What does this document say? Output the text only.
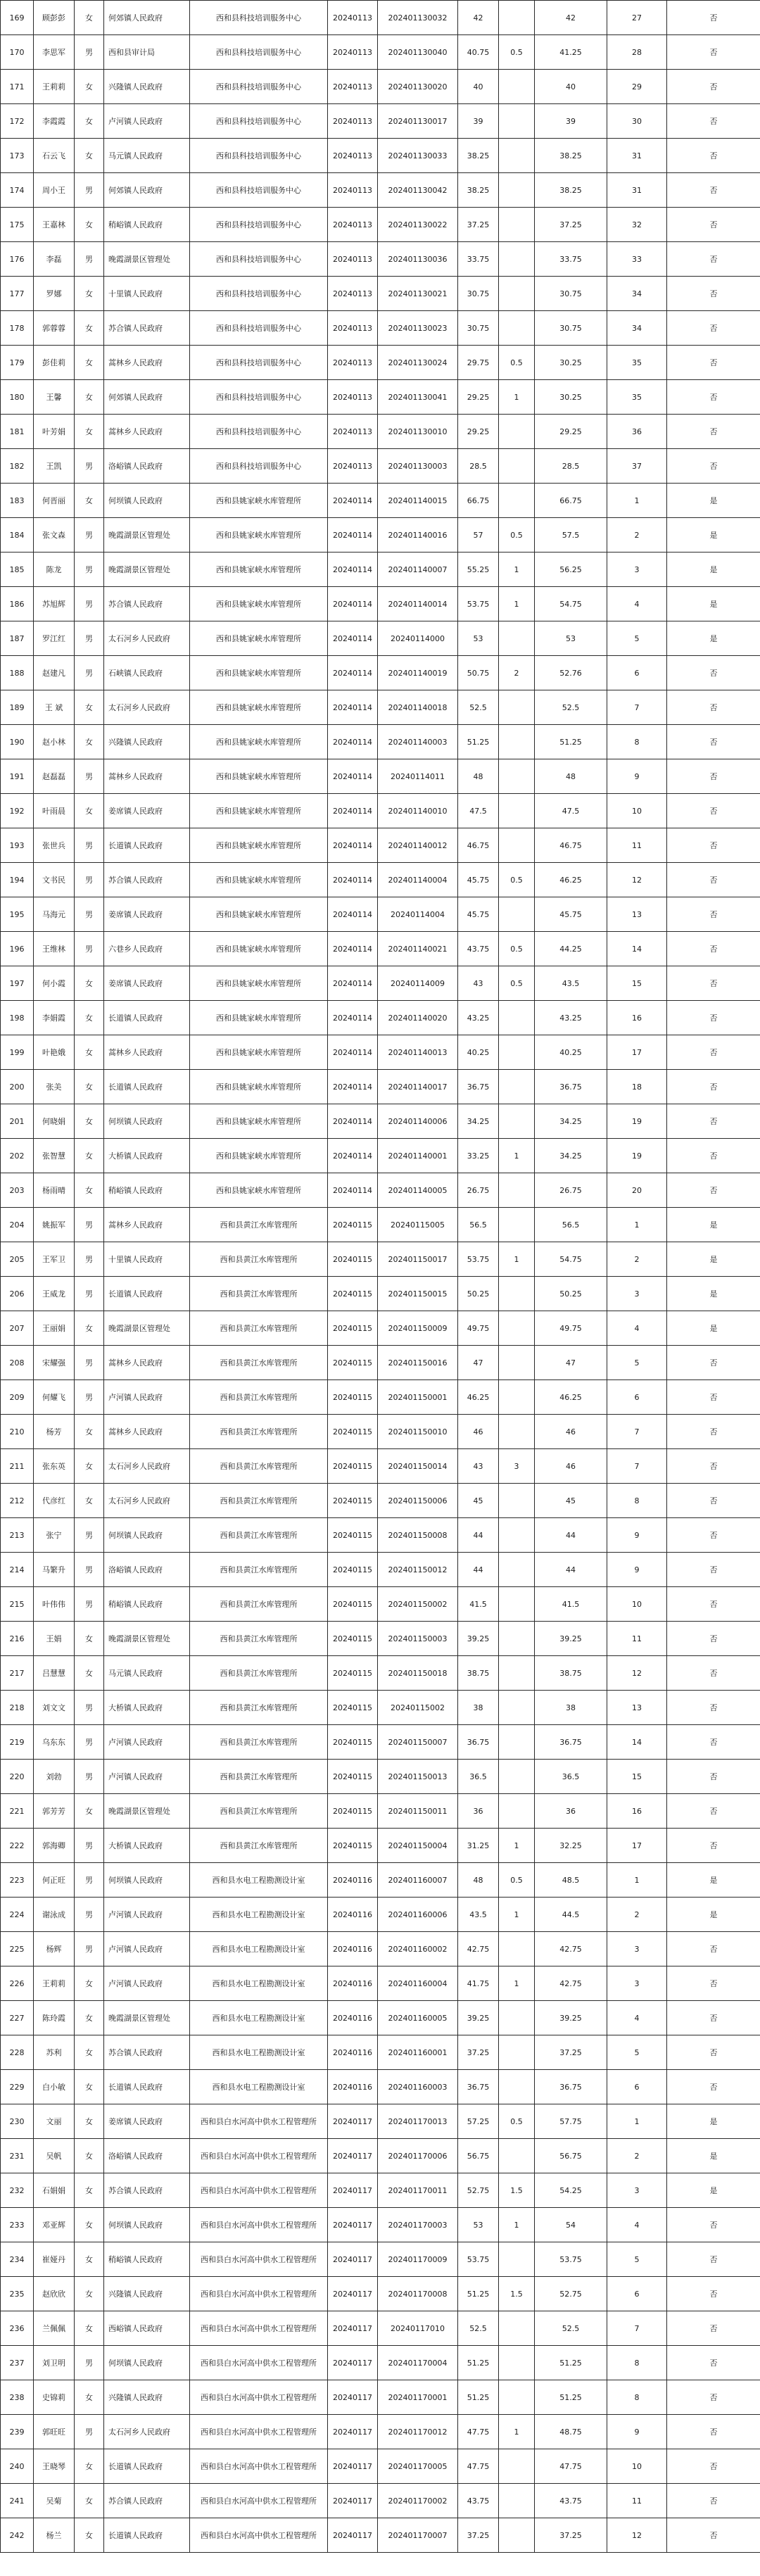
169	顾彭彭	女	何郊镇人民政府	西和县科技培训服务中心	20240113	202401130032	42		42	27	否
170	李思军	男	西和县审计局	西和县科技培训服务中心	20240113	202401130040	40.75	0.5	41.25	28	否
171	王莉莉	女	兴隆镇人民政府	西和县科技培训服务中心	20240113	202401130020	40		40	29	否
172	李霞霞	女	卢河镇人民政府	西和县科技培训服务中心	20240113	202401130017	39		39	30	否
173	石云飞	女	马元镇人民政府	西和县科技培训服务中心	20240113	202401130033	38.25		38.25	31	否
174	周小王	男	何郊镇人民政府	西和县科技培训服务中心	20240113	202401130042	38.25		38.25	31	否
175	王嘉林	女	稍峪镇人民政府	西和县科技培训服务中心	20240113	202401130022	37.25		37.25	32	否
176	李磊	男	晚霞湖景区管理处	西和县科技培训服务中心	20240113	202401130036	33.75		33.75	33	否
177	罗娜	女	十里镇人民政府	西和县科技培训服务中心	20240113	202401130021	30.75		30.75	34	否
178	郭蓉蓉	女	苏合镇人民政府	西和县科技培训服务中心	20240113	202401130023	30.75		30.75	34	否
179	彭佳莉	女	蒿林乡人民政府	西和县科技培训服务中心	20240113	202401130024	29.75	0.5	30.25	35	否
180	王馨	女	何郊镇人民政府	西和县科技培训服务中心	20240113	202401130041	29.25	1	30.25	35	否
181	叶芳娟	女	蒿林乡人民政府	西和县科技培训服务中心	20240113	202401130010	29.25		29.25	36	否
182	王凯	男	洛峪镇人民政府	西和县科技培训服务中心	20240113	202401130003	28.5		28.5	37	否
183	何晋丽	女	何坝镇人民政府	西和县姚家峡水库管理所	20240114	202401140015	66.75		66.75	1	是
184	张文森	男	晚霞湖景区管理处	西和县姚家峡水库管理所	20240114	202401140016	57	0.5	57.5	2	是
185	陈龙	男	晚霞湖景区管理处	西和县姚家峡水库管理所	20240114	202401140007	55.25	1	56.25	3	是
186	苏旭辉	男	苏合镇人民政府	西和县姚家峡水库管理所	20240114	202401140014	53.75	1	54.75	4	是
187	罗江红	男	太石河乡人民政府	西和县姚家峡水库管理所	20240114	20240114000	53		53	5	是
188	赵建凡	男	石峡镇人民政府	西和县姚家峡水库管理所	20240114	202401140019	50.75	2	52.76	6	否
189	王 斌	女	太石河乡人民政府	西和县姚家峡水库管理所	20240114	202401140018	52.5		52.5	7	否
190	赵小林	女	兴隆镇人民政府	西和县姚家峡水库管理所	20240114	202401140003	51.25		51.25	8	否
191	赵磊磊	男	蒿林乡人民政府	西和县姚家峡水库管理所	20240114	20240114011	48		48	9	否
192	叶雨晨	女	姜席镇人民政府	西和县姚家峡水库管理所	20240114	202401140010	47.5		47.5	10	否
193	张世兵	男	长道镇人民政府	西和县姚家峡水库管理所	20240114	202401140012	46.75		46.75	11	否
194	文书民	男	苏合镇人民政府	西和县姚家峡水库管理所	20240114	202401140004	45.75	0.5	46.25	12	否
195	马海元	男	姜席镇人民政府	西和县姚家峡水库管理所	20240114	20240114004	45.75		45.75	13	否
196	王维林	男	六巷乡人民政府	西和县姚家峡水库管理所	20240114	202401140021	43.75	0.5	44.25	14	否
197	何小霞	女	姜席镇人民政府	西和县姚家峡水库管理所	20240114	20240114009	43	0.5	43.5	15	否
198	李娟霞	女	长道镇人民政府	西和县姚家峡水库管理所	20240114	202401140020	43.25		43.25	16	否
199	叶艳娥	女	蒿林乡人民政府	西和县姚家峡水库管理所	20240114	202401140013	40.25		40.25	17	否
200	张美	女	长道镇人民政府	西和县姚家峡水库管理所	20240114	202401140017	36.75		36.75	18	否
201	何晓娟	女	何坝镇人民政府	西和县姚家峡水库管理所	20240114	202401140006	34.25		34.25	19	否
202	张智慧	女	大桥镇人民政府	西和县姚家峡水库管理所	20240114	202401140001	33.25	1	34.25	19	否
203	杨雨晴	女	稍峪镇人民政府	西和县姚家峡水库管理所	20240114	202401140005	26.75		26.75	20	否
204	姚振军	男	蒿林乡人民政府	西和县黄江水库管理所	20240115	20240115005	56.5		56.5	1	是
205	王军卫	男	十里镇人民政府	西和县黄江水库管理所	20240115	202401150017	53.75	1	54.75	2	是
206	王威龙	男	长道镇人民政府	西和县黄江水库管理所	20240115	202401150015	50.25		50.25	3	是
207	王丽娟	女	晚霞湖景区管理处	西和县黄江水库管理所	20240115	202401150009	49.75		49.75	4	是
208	宋耀强	男	蒿林乡人民政府	西和县黄江水库管理所	20240115	202401150016	47		47	5	否
209	何耀飞	男	卢河镇人民政府	西和县黄江水库管理所	20240115	202401150001	46.25		46.25	6	否
210	杨芳	女	蒿林乡人民政府	西和县黄江水库管理所	20240115	202401150010	46		46	7	否
211	张东英	女	太石河乡人民政府	西和县黄江水库管理所	20240115	202401150014	43	3	46	7	否
212	代彦红	女	太石河乡人民政府	西和县黄江水库管理所	20240115	202401150006	45		45	8	否
213	张宁	男	何坝镇人民政府	西和县黄江水库管理所	20240115	202401150008	44		44	9	否
214	马繁升	男	洛峪镇人民政府	西和县黄江水库管理所	20240115	202401150012	44		44	9	否
215	叶伟伟	男	稍峪镇人民政府	西和县黄江水库管理所	20240115	202401150002	41.5		41.5	10	否
216	王娟	女	晚霞湖景区管理处	西和县黄江水库管理所	20240115	202401150003	39.25		39.25	11	否
217	吕慧慧	女	马元镇人民政府	西和县黄江水库管理所	20240115	202401150018	38.75		38.75	12	否
218	刘文文	男	大桥镇人民政府	西和县黄江水库管理所	20240115	20240115002	38		38	13	否
219	乌东东	男	卢河镇人民政府	西和县黄江水库管理所	20240115	202401150007	36.75		36.75	14	否
220	刘勃	男	卢河镇人民政府	西和县黄江水库管理所	20240115	202401150013	36.5		36.5	15	否
221	郭芳芳	女	晚霞湖景区管理处	西和县黄江水库管理所	20240115	202401150011	36		36	16	否
222	郭海卿	男	大桥镇人民政府	西和县黄江水库管理所	20240115	202401150004	31.25	1	32.25	17	否
223	何正旺	男	何坝镇人民政府	西和县水电工程勘测设计室	20240116	202401160007	48	0.5	48.5	1	是
224	谢泳成	男	卢河镇人民政府	西和县水电工程勘测设计室	20240116	202401160006	43.5	1	44.5	2	是
225	杨辉	男	卢河镇人民政府	西和县水电工程勘测设计室	20240116	202401160002	42.75		42.75	3	否
226	王莉莉	女	卢河镇人民政府	西和县水电工程勘测设计室	20240116	202401160004	41.75	1	42.75	3	否
227	陈玲霞	女	晚霞湖景区管理处	西和县水电工程勘测设计室	20240116	202401160005	39.25		39.25	4	否
228	苏利	女	苏合镇人民政府	西和县水电工程勘测设计室	20240116	202401160001	37.25		37.25	5	否
229	白小敏	女	长道镇人民政府	西和县水电工程勘测设计室	20240116	202401160003	36.75		36.75	6	否
230	文丽	女	姜席镇人民政府	西和县白水河高中供水工程管理所	20240117	202401170013	57.25	0.5	57.75	1	是
231	吴帆	女	洛峪镇人民政府	西和县白水河高中供水工程管理所	20240117	202401170006	56.75		56.75	2	是
232	石娟娟	女	苏合镇人民政府	西和县白水河高中供水工程管理所	20240117	202401170011	52.75	1.5	54.25	3	是
233	邓亚辉	女	何坝镇人民政府	西和县白水河高中供水工程管理所	20240117	202401170003	53	1	54	4	否
234	崔娅丹	女	稍峪镇人民政府	西和县白水河高中供水工程管理所	20240117	202401170009	53.75		53.75	5	否
235	赵欣欣	女	兴隆镇人民政府	西和县白水河高中供水工程管理所	20240117	202401170008	51.25	1.5	52.75	6	否
236	兰佩佩	女	西峪镇人民政府	西和县白水河高中供水工程管理所	20240117	20240117010	52.5		52.5	7	否
237	刘卫明	男	何坝镇人民政府	西和县白水河高中供水工程管理所	20240117	202401170004	51.25		51.25	8	否
238	史锦莉	女	兴隆镇人民政府	西和县白水河高中供水工程管理所	20240117	202401170001	51.25		51.25	8	否
239	郭旺旺	男	太石河乡人民政府	西和县白水河高中供水工程管理所	20240117	202401170012	47.75	1	48.75	9	否
240	王晓琴	女	长道镇人民政府	西和县白水河高中供水工程管理所	20240117	202401170005	47.75		47.75	10	否
241	吴菊	女	苏合镇人民政府	西和县白水河高中供水工程管理所	20240117	202401170002	43.75		43.75	11	否
242	杨兰	女	长道镇人民政府	西和县白水河高中供水工程管理所	20240117	202401170007	37.25		37.25	12	否
